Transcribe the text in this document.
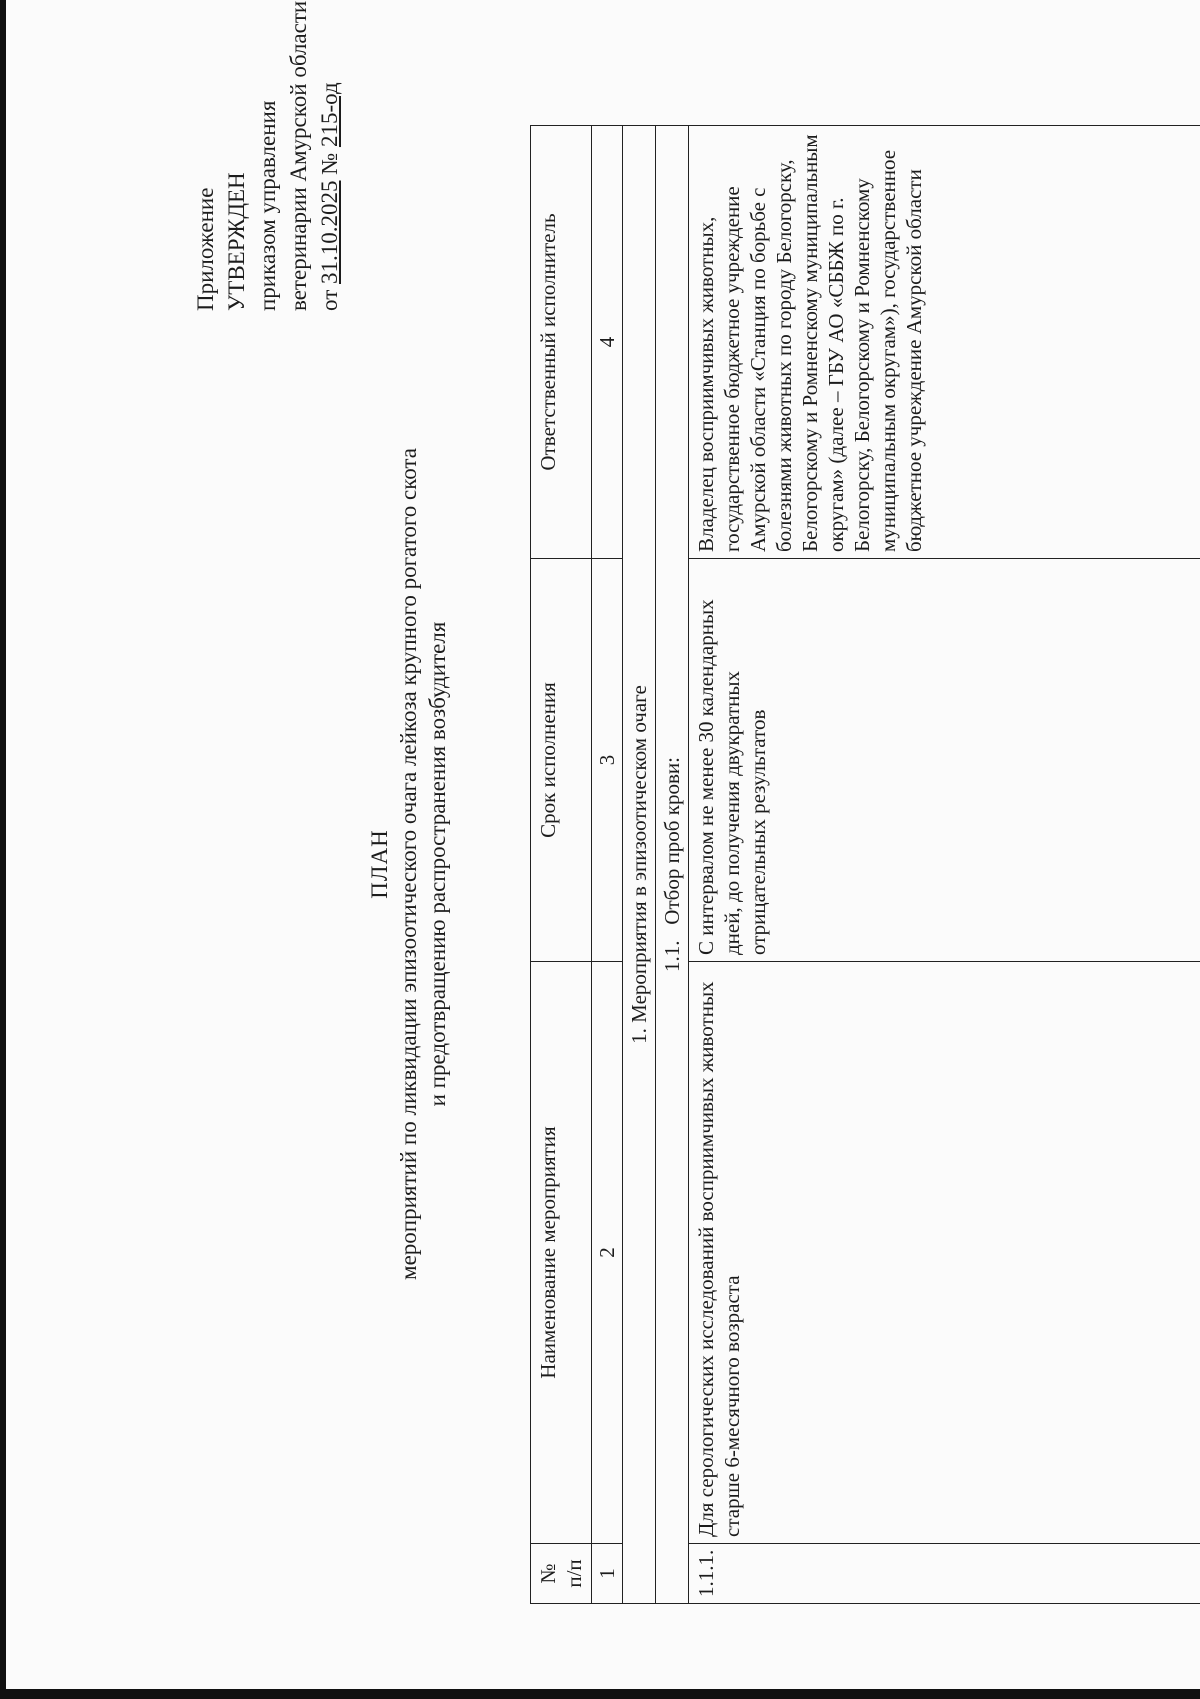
Приложение УТВЕРЖДЕН приказом управления ветеринарии Амурской области от 31.10.2025 № 215-од
ПЛАН мероприятий по ликвидации эпизоотического очага лейкоза крупного рогатого скота и предотвращению распространения возбудителя
№
п/п	Наименование мероприятия	Срок исполнения	Ответственный исполнитель
1	2	3	4
1. Мероприятия в эпизоотическом очаге			
1.1.   Отбор проб крови:			
1.1.1.	Для серологических исследований восприимчивых животных старше 6-месячного возраста	С интервалом не менее 30 календарных дней, до получения двукратных отрицательных результатов	Владелец восприимчивых животных, государственное бюджетное учреждение Амурской области «Станция по борьбе с болезнями животных по городу Белогорску, Белогорскому и Ромненскому муниципальным округам» (далее – ГБУ АО «СББЖ по г. Белогорску, Белогорскому и Ромненскому муниципальным округам»), государственное бюджетное учреждение Амурской области
